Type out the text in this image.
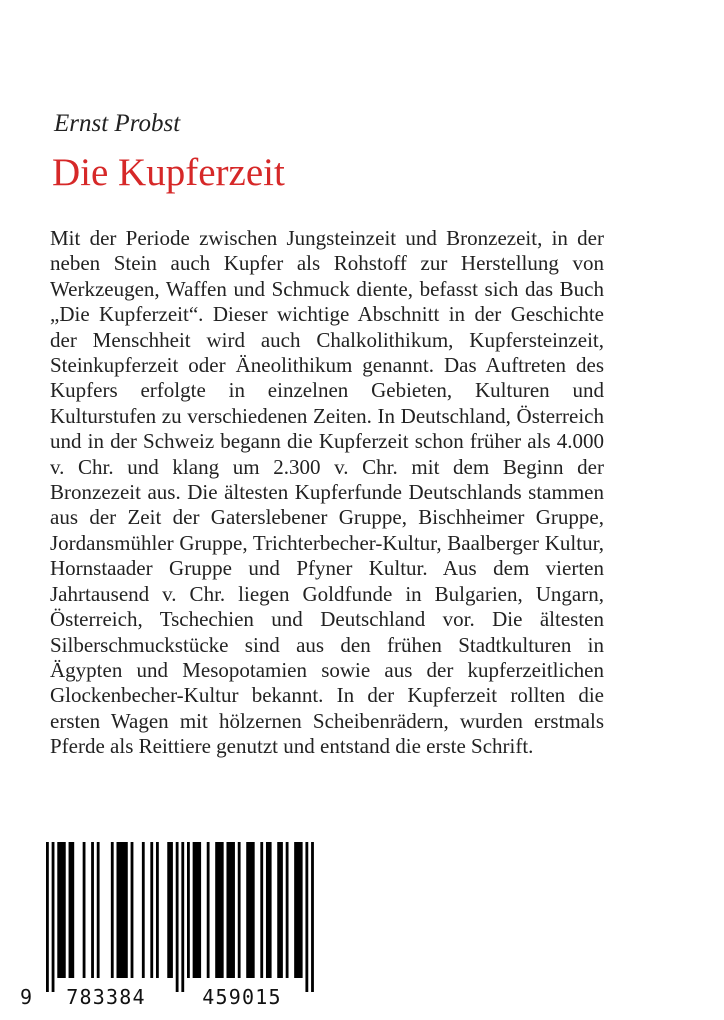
Ernst Probst
Die Kupferzeit

Mit der Periode zwischen Jungsteinzeit und Bronzezeit, in der neben Stein auch Kupfer als Rohstoff zur Herstellung von Werkzeugen, Waffen und Schmuck diente, befasst sich das Buch „Die Kupferzeit“. Dieser wichtige Abschnitt in der Geschichte der Menschheit wird auch Chalkolithikum, Kupfersteinzeit, Steinkupferzeit oder Äneolithikum genannt. Das Auftreten des Kupfers erfolgte in einzelnen Gebieten, Kulturen und Kulturstufen zu verschiedenen Zeiten. In Deutschland, Österreich und in der Schweiz begann die Kupferzeit schon früher als 4.000 v. Chr. und klang um 2.300 v. Chr. mit dem Beginn der Bronzezeit aus. Die ältesten Kupferfunde Deutschlands stammen aus der Zeit der Gaterslebener Gruppe, Bischheimer Gruppe, Jordansmühler Gruppe, Trichterbecher-Kultur, Baalberger Kultur, Hornstaader Gruppe und Pfyner Kultur. Aus dem vierten Jahrtausend v. Chr. liegen Goldfunde in Bulgarien, Ungarn, Österreich, Tschechien und Deutschland vor. Die ältesten Silberschmuckstücke sind aus den frühen Stadtkulturen in Ägypten und Mesopotamien sowie aus der kupferzeitlichen Glockenbecher-Kultur bekannt. In der Kupferzeit rollten die ersten Wagen mit hölzernen Scheibenrädern, wurden erstmals Pferde als Reittiere genutzt und entstand die erste Schrift.

9 783384	459015
